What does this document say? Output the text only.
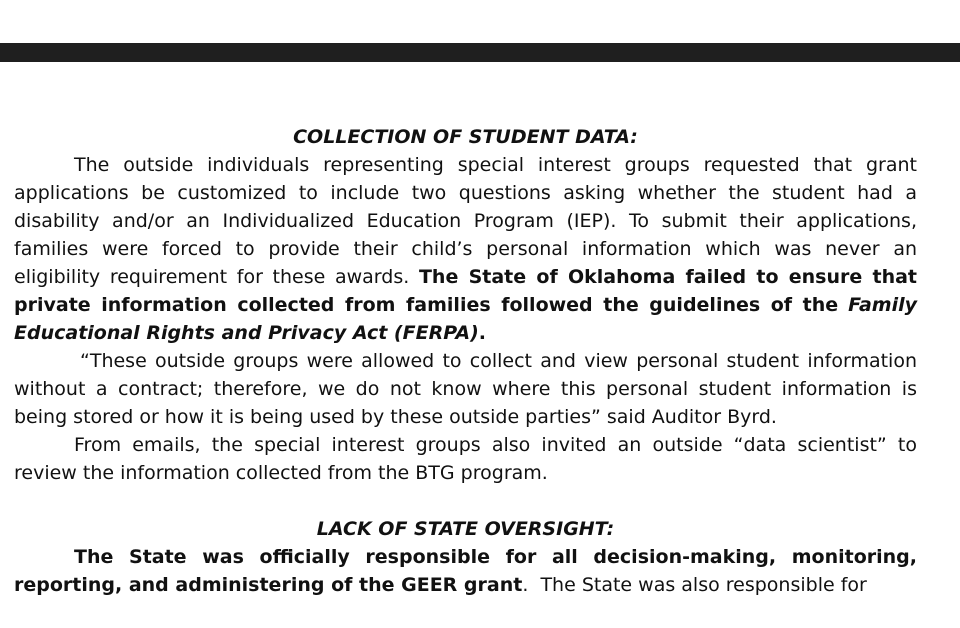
COLLECTION OF STUDENT DATA:

The outside individuals representing special interest groups requested that grant applications be customized to include two questions asking whether the student had a disability and/or an Individualized Education Program (IEP). To submit their applications, families were forced to provide their child’s personal information which was never an eligibility requirement for these awards. The State of Oklahoma failed to ensure that private information collected from families followed the guidelines of the Family Educational Rights and Privacy Act (FERPA).

“These outside groups were allowed to collect and view personal student information without a contract; therefore, we do not know where this personal student information is being stored or how it is being used by these outside parties” said Auditor Byrd.

From emails, the special interest groups also invited an outside “data scientist” to review the information collected from the BTG program.

LACK OF STATE OVERSIGHT:

The State was officially responsible for all decision-making, monitoring, reporting, and administering of the GEER grant.  The State was also responsible for
